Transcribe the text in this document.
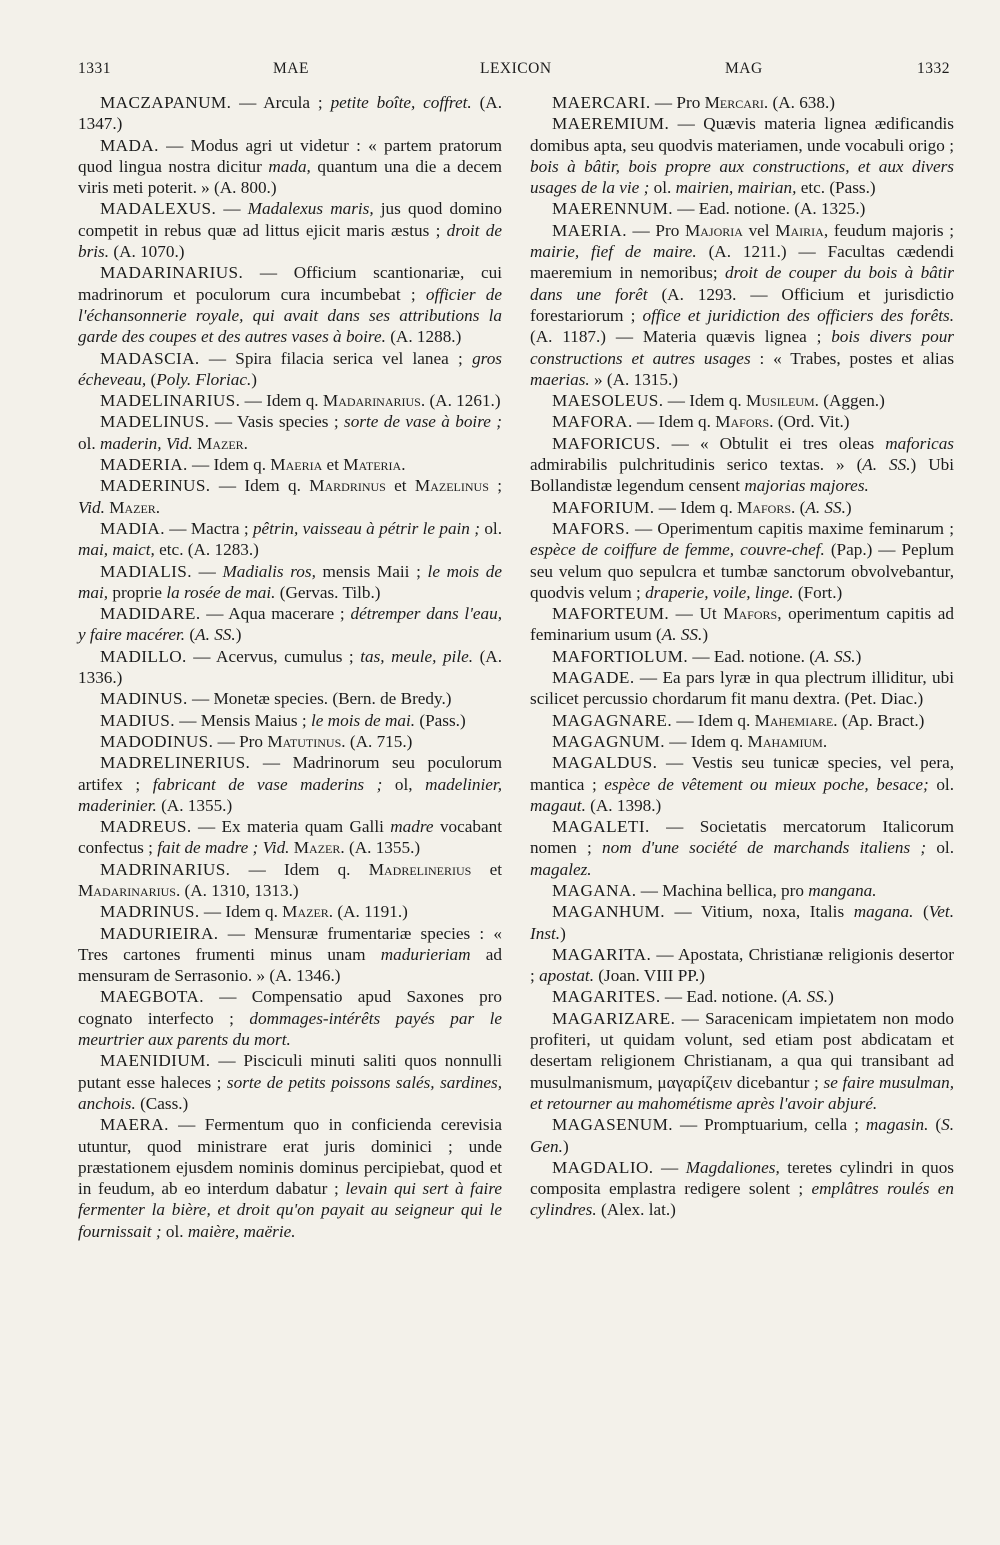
1331	MAE	LEXICON	MAG	1332

MACZAPANUM. — Arcula ; petite boîte, coffret. (A. 1347.)

MADA. — Modus agri ut videtur : « partem pratorum quod lingua nostra dicitur mada, quantum una die a decem viris meti poterit. » (A. 800.)

MADALEXUS. — Madalexus maris, jus quod domino competit in rebus quæ ad littus ejicit maris æstus ; droit de bris. (A. 1070.)

MADARINARIUS. — Officium scantionariæ, cui madrinorum et poculorum cura incumbebat ; officier de l'échansonnerie royale, qui avait dans ses attributions la garde des coupes et des autres vases à boire. (A. 1288.)

MADASCIA. — Spira filacia serica vel lanea ; gros écheveau, (Poly. Floriac.)

MADELINARIUS. — Idem q. Madarinarius. (A. 1261.)

MADELINUS. — Vasis species ; sorte de vase à boire ; ol. maderin, Vid. Mazer.

MADERIA. — Idem q. Maeria et Materia.

MADERINUS. — Idem q. Mardrinus et Mazelinus ; Vid. Mazer.

MADIA. — Mactra ; pêtrin, vaisseau à pétrir le pain ; ol. mai, maict, etc. (A. 1283.)

MADIALIS. — Madialis ros, mensis Maii ; le mois de mai, proprie la rosée de mai. (Gervas. Tilb.)

MADIDARE. — Aqua macerare ; détremper dans l'eau, y faire macérer. (A. SS.)

MADILLO. — Acervus, cumulus ; tas, meule, pile. (A. 1336.)

MADINUS. — Monetæ species. (Bern. de Bredy.)

MADIUS. — Mensis Maius ; le mois de mai. (Pass.)

MADODINUS. — Pro Matutinus. (A. 715.)

MADRELINERIUS. — Madrinorum seu poculorum artifex ; fabricant de vase maderins ; ol, madelinier, maderinier. (A. 1355.)

MADREUS. — Ex materia quam Galli madre vocabant confectus ; fait de madre ; Vid. Mazer. (A. 1355.)

MADRINARIUS. — Idem q. Madrelinerius et Madarinarius. (A. 1310, 1313.)

MADRINUS. — Idem q. Mazer. (A. 1191.)

MADURIEIRA. — Mensuræ frumentariæ species : « Tres cartones frumenti minus unam madurieriam ad mensuram de Serrasonio. » (A. 1346.)

MAEGBOTA. — Compensatio apud Saxones pro cognato interfecto ; dommages-intérêts payés par le meurtrier aux parents du mort.

MAENIDIUM. — Pisciculi minuti saliti quos nonnulli putant esse haleces ; sorte de petits poissons salés, sardines, anchois. (Cass.)

MAERA. — Fermentum quo in conficienda cerevisia utuntur, quod ministrare erat juris dominici ; unde præstationem ejusdem nominis dominus percipiebat, quod et in feudum, ab eo interdum dabatur ; levain qui sert à faire fermenter la bière, et droit qu'on payait au seigneur qui le fournissait ; ol. maière, maërie.

MAERCARI. — Pro Mercari. (A. 638.)

MAEREMIUM. — Quævis materia lignea ædificandis domibus apta, seu quodvis materiamen, unde vocabuli origo ; bois à bâtir, bois propre aux constructions, et aux divers usages de la vie ; ol. mairien, mairian, etc. (Pass.)

MAERENNUM. — Ead. notione. (A. 1325.)

MAERIA. — Pro Majoria vel Mairia, feudum majoris ; mairie, fief de maire. (A. 1211.) — Facultas cædendi maeremium in nemoribus; droit de couper du bois à bâtir dans une forêt (A. 1293. — Officium et jurisdictio forestariorum ; office et juridiction des officiers des forêts. (A. 1187.) — Materia quævis lignea ; bois divers pour constructions et autres usages : « Trabes, postes et alias maerias. » (A. 1315.)

MAESOLEUS. — Idem q. Musileum. (Aggen.)

MAFORA. — Idem q. Mafors. (Ord. Vit.)

MAFORICUS. — « Obtulit ei tres oleas maforicas admirabilis pulchritudinis serico textas. » (A. SS.) Ubi Bollandistæ legendum censent majorias majores.

MAFORIUM. — Idem q. Mafors. (A. SS.)

MAFORS. — Operimentum capitis maxime feminarum ; espèce de coiffure de femme, couvre-chef. (Pap.) — Peplum seu velum quo sepulcra et tumbæ sanctorum obvolvebantur, quodvis velum ; draperie, voile, linge. (Fort.)

MAFORTEUM. — Ut Mafors, operimentum capitis ad feminarium usum (A. SS.)

MAFORTIOLUM. — Ead. notione. (A. SS.)

MAGADE. — Ea pars lyræ in qua plectrum illiditur, ubi scilicet percussio chordarum fit manu dextra. (Pet. Diac.)

MAGAGNARE. — Idem q. Mahemiare. (Ap. Bract.)

MAGAGNUM. — Idem q. Mahamium.

MAGALDUS. — Vestis seu tunicæ species, vel pera, mantica ; espèce de vêtement ou mieux poche, besace; ol. magaut. (A. 1398.)

MAGALETI. — Societatis mercatorum Italicorum nomen ; nom d'une société de marchands italiens ; ol. magalez.

MAGANA. — Machina bellica, pro mangana.

MAGANHUM. — Vitium, noxa, Italis magana. (Vet. Inst.)

MAGARITA. — Apostata, Christianæ religionis desertor ; apostat. (Joan. VIII PP.)

MAGARITES. — Ead. notione. (A. SS.)

MAGARIZARE. — Saracenicam impietatem non modo profiteri, ut quidam volunt, sed etiam post abdicatam et desertam religionem Christianam, a qua qui transibant ad musulmanismum, μαγαρίζειν dicebantur ; se faire musulman, et retourner au mahométisme après l'avoir abjuré.

MAGASENUM. — Promptuarium, cella ; magasin. (S. Gen.)

MAGDALIO. — Magdaliones, teretes cylindri in quos composita emplastra redigere solent ; emplâtres roulés en cylindres. (Alex. lat.)
